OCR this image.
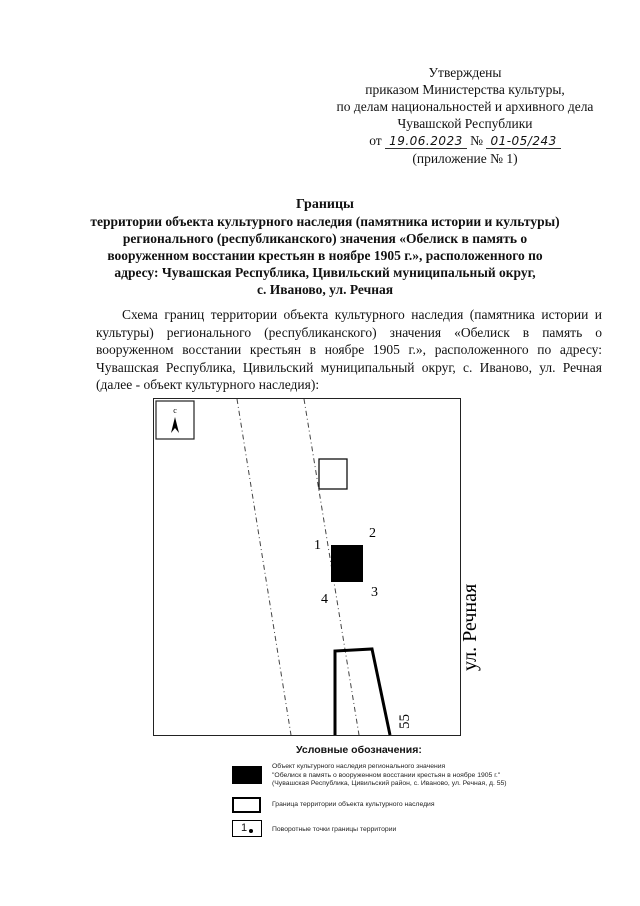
Утверждены
приказом Министерства культуры,
по делам национальностей и архивного дела
Чувашской Республики
от 19.06.2023 № 01-05/243
(приложение № 1)
Границы
территории объекта культурного наследия (памятника истории и культуры)
регионального (республиканского) значения «Обелиск в память о
вооруженном восстании крестьян в ноябре 1905 г.», расположенного по
адресу: Чувашская Республика, Цивильский муниципальный округ,
с. Иваново, ул. Речная
Схема границ территории объекта культурного наследия (памятника истории и культуры) регионального (республиканского) значения «Обелиск в память о вооруженном восстании крестьян в ноябре 1905 г.», расположенного по адресу: Чувашская Республика, Цивильский муниципальный округ, с. Иваново, ул. Речная (далее - объект культурного наследия):
с
1
2
3
4
55
ул. Речная
Условные обозначения:
Объект культурного наследия регионального значения
"Обелиск в память о вооруженном восстании крестьян в ноябре 1905 г."
(Чувашская Республика, Цивильский район, с. Иваново, ул. Речная, д. 55)
Граница территории объекта культурного наследия
1	Поворотные точки границы территории
